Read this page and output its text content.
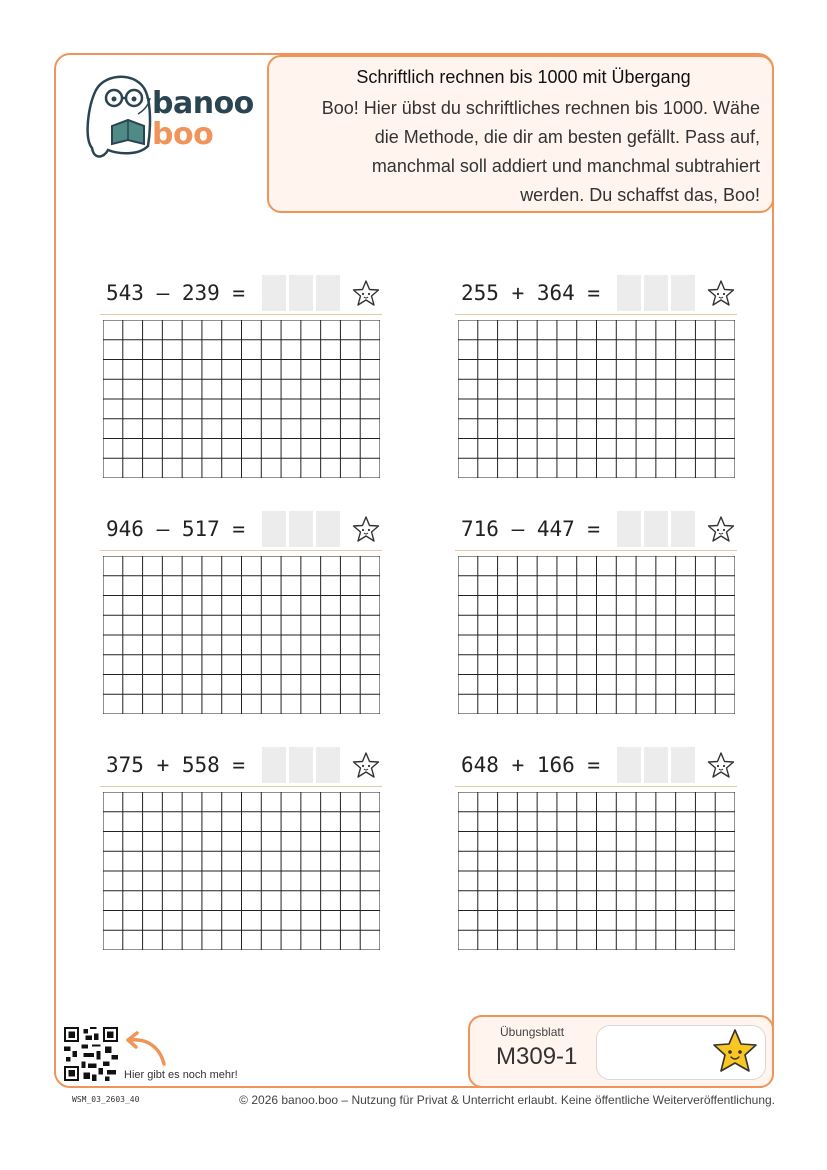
banoo
boo
Schriftlich rechnen bis 1000 mit Übergang
Boo! Hier übst du schriftliches rechnen bis 1000. Wähe
die Methode, die dir am besten gefällt. Pass auf,
manchmal soll addiert und manchmal subtrahiert
werden. Du schaffst das, Boo!
543 – 239 =	255 + 364 =
946 – 517 =	716 – 447 =
375 + 558 =	648 + 166 =
Hier gibt es noch mehr!
Übungsblatt
M309-1
WSM_03_2603_40	© 2026 banoo.boo – Nutzung für Privat & Unterricht erlaubt. Keine öffentliche Weiterveröffentlichung.
